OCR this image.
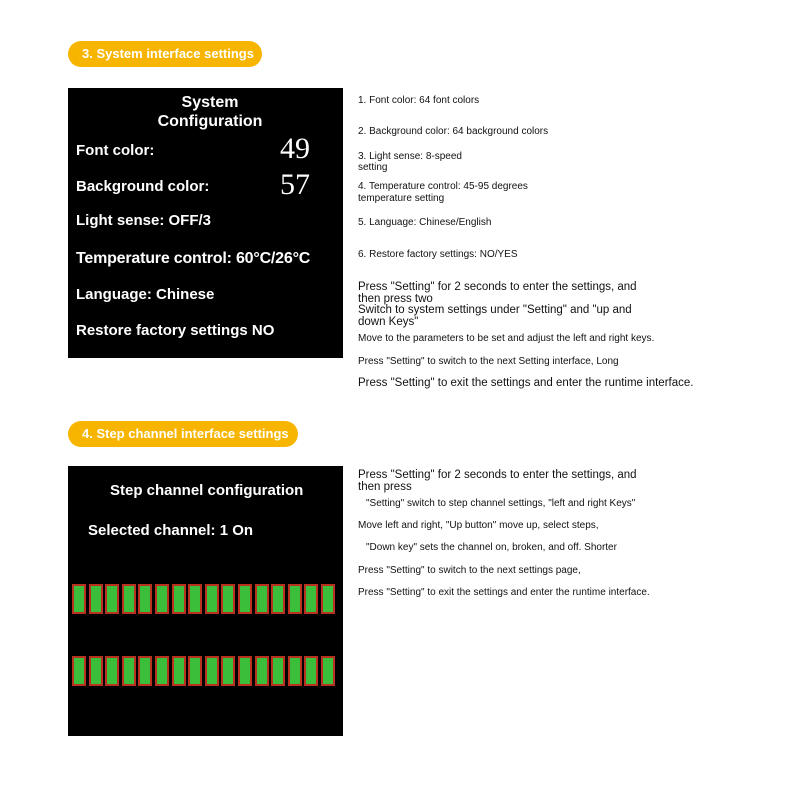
3. System interface settings
System
Configuration
Font color:	49
Background color: 57
Light sense: OFF/3
Temperature control: 60°C/26°C
Language: Chinese
Restore factory settings NO
1. Font color: 64 font colors
2. Background color: 64 background colors
3. Light sense: 8-speed
setting
4. Temperature control: 45-95 degrees
temperature setting
5. Language: Chinese/English
6. Restore factory settings: NO/YES
Press "Setting" for 2 seconds to enter the settings, and
then press two
Switch to system settings under "Setting" and "up and
down Keys"
Move to the parameters to be set and adjust the left and right keys.
Press "Setting" to switch to the next Setting interface, Long
Press "Setting" to exit the settings and enter the runtime interface.
4. Step channel interface settings
Step channel configuration
Selected channel: 1 On
Press "Setting" for 2 seconds to enter the settings, and
then press
"Setting" switch to step channel settings, "left and right Keys"
Move left and right, "Up button" move up, select steps,
"Down key" sets the channel on, broken, and off. Shorter
Press "Setting" to switch to the next settings page,
Press "Setting" to exit the settings and enter the runtime interface.
